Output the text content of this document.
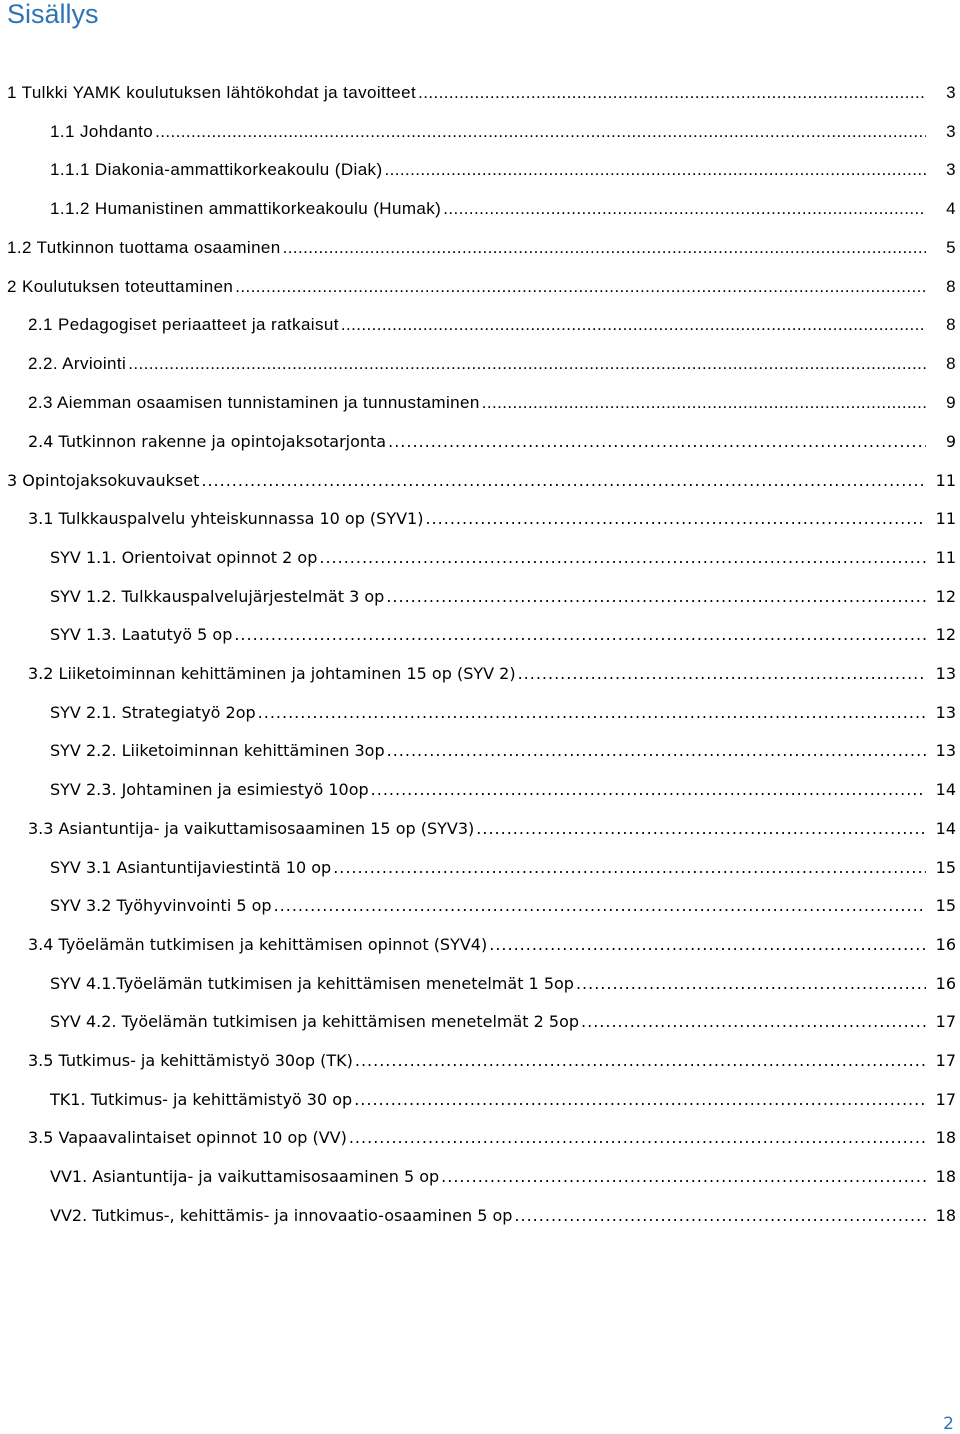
Sisällys
1 Tulkki YAMK koulutuksen lähtökohdat ja tavoitteet .....	3
1.1 Johdanto .....	3
1.1.1 Diakonia-ammattikorkeakoulu (Diak) .....	3
1.1.2 Humanistinen ammattikorkeakoulu (Humak) .....	4
1.2 Tutkinnon tuottama osaaminen .....	5
2 Koulutuksen toteuttaminen .....	8
2.1 Pedagogiset periaatteet ja ratkaisut .....	8
2.2. Arviointi .....	8
2.3 Aiemman osaamisen tunnistaminen ja tunnustaminen .....	9
2.4 Tutkinnon rakenne ja opintojaksotarjonta .....	9
3 Opintojaksokuvaukset .....	11
3.1 Tulkkauspalvelu yhteiskunnassa 10 op (SYV1) .....	11
SYV 1.1. Orientoivat opinnot 2 op .....	11
SYV 1.2. Tulkkauspalvelujärjestelmät 3 op .....	12
SYV 1.3. Laatutyö 5 op .....	12
3.2 Liiketoiminnan kehittäminen ja johtaminen 15 op (SYV 2) .....	13
SYV 2.1. Strategiatyö 2op .....	13
SYV 2.2. Liiketoiminnan kehittäminen 3op .....	13
SYV 2.3. Johtaminen ja esimiestyö 10op .....	14
3.3 Asiantuntija- ja vaikuttamisosaaminen 15 op (SYV3) .....	14
SYV 3.1 Asiantuntijaviestintä 10 op .....	15
SYV 3.2 Työhyvinvointi 5 op .....	15
3.4 Työelämän tutkimisen ja kehittämisen opinnot (SYV4) .....	16
SYV 4.1.Työelämän tutkimisen ja kehittämisen menetelmät 1 5op .....	16
SYV 4.2. Työelämän tutkimisen ja kehittämisen menetelmät 2 5op .....	17
3.5 Tutkimus- ja kehittämistyö 30op (TK) .....	17
TK1. Tutkimus- ja kehittämistyö 30 op .....	17
3.5 Vapaavalintaiset opinnot 10 op (VV) .....	18
VV1. Asiantuntija- ja vaikuttamisosaaminen 5 op .....	18
VV2. Tutkimus-, kehittämis- ja innovaatio-osaaminen 5 op .....	18
2
